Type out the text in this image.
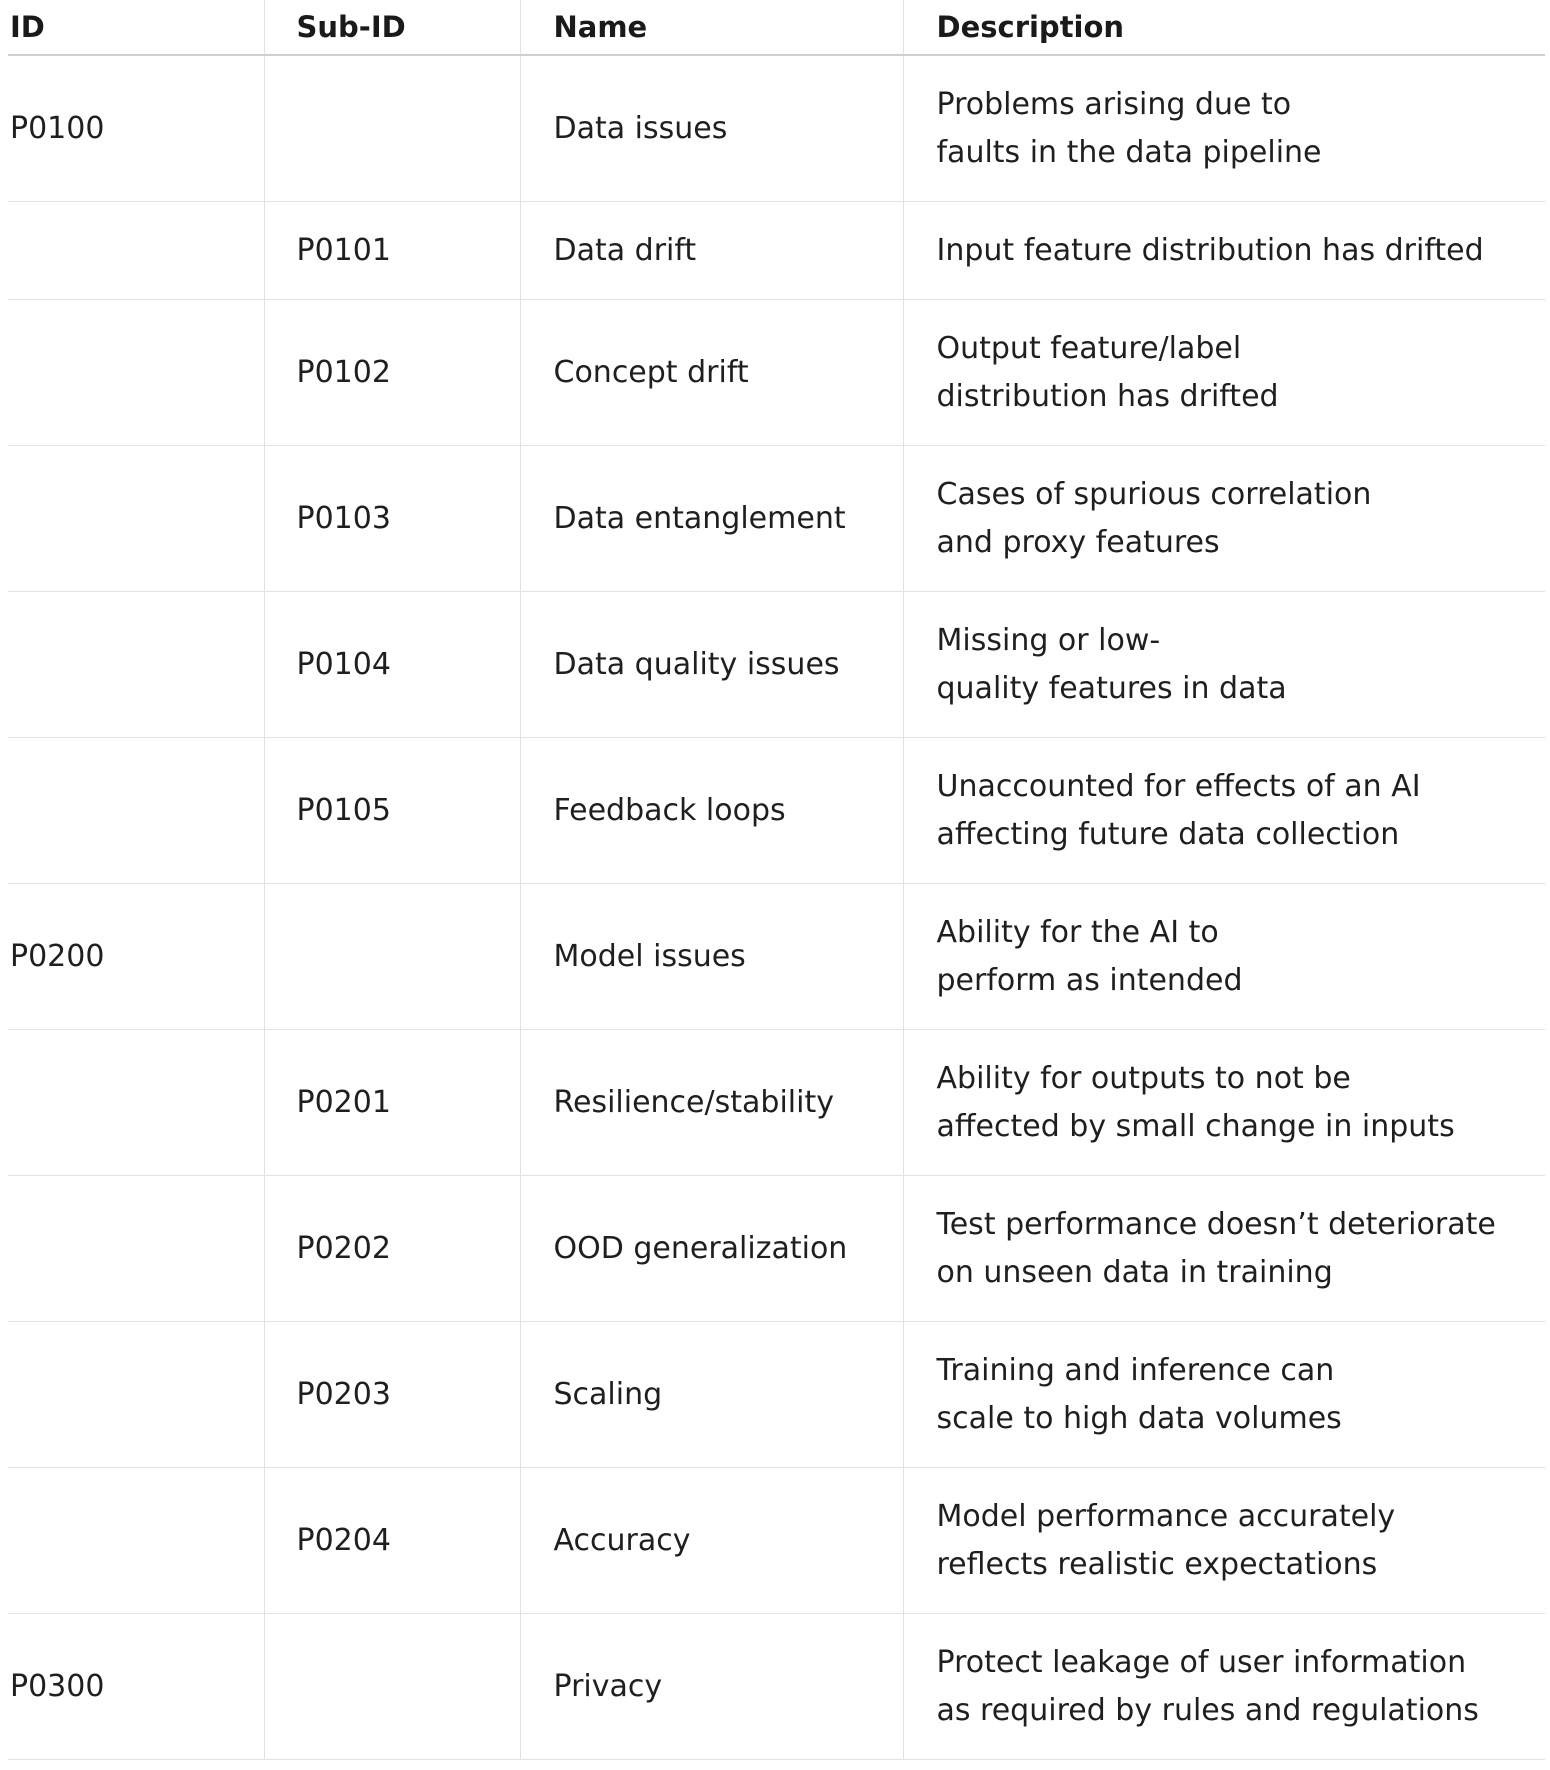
ID	Sub-ID	Name	Description
P0100		Data issues	Problems arising due to
faults in the data pipeline

	P0101	Data drift	Input feature distribution has drifted

	P0102	Concept drift	Output feature/label
distribution has drifted

	P0103	Data entanglement	Cases of spurious correlation
and proxy features

	P0104	Data quality issues	Missing or low-
quality features in data

	P0105	Feedback loops	Unaccounted for effects of an AI
affecting future data collection

P0200		Model issues	Ability for the AI to
perform as intended

	P0201	Resilience/stability	Ability for outputs to not be
affected by small change in inputs

	P0202	OOD generalization	Test performance doesn’t deteriorate
on unseen data in training

	P0203	Scaling	Training and inference can
scale to high data volumes

	P0204	Accuracy	Model performance accurately
reflects realistic expectations

P0300		Privacy	Protect leakage of user information
as required by rules and regulations
